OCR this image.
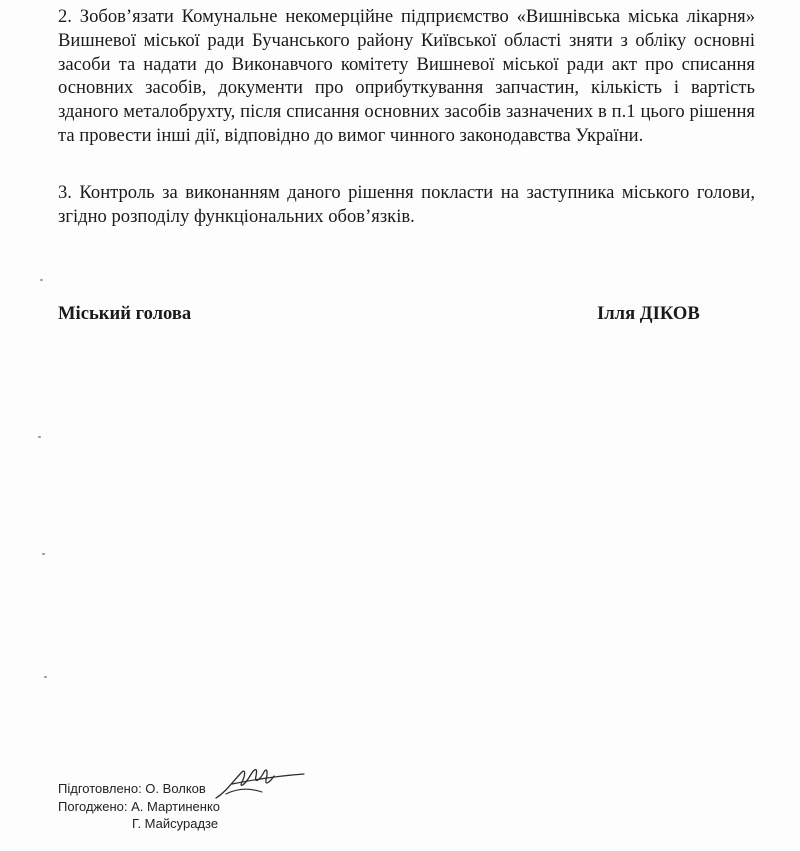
2. Зобов’язати Комунальне некомерційне підприємство «Вишнівська міська лікарня» Вишневої міської ради Бучанського району Київської області зняти з обліку основні засоби та надати до Виконавчого комітету Вишневої міської ради акт про списання основних засобів, документи про оприбуткування запчастин, кількість і вартість зданого металобрухту, після списання основних засобів зазначених в п.1 цього рішення та провести інші дії, відповідно до вимог чинного законодавства України.

3. Контроль за виконанням даного рішення покласти на заступника міського голови, згідно розподілу функціональних обов’язків.

Міський голова	Ілля ДІКОВ
Підготовлено: О. Волков
Погоджено: А. Мартиненко
Г. Майсурадзе
